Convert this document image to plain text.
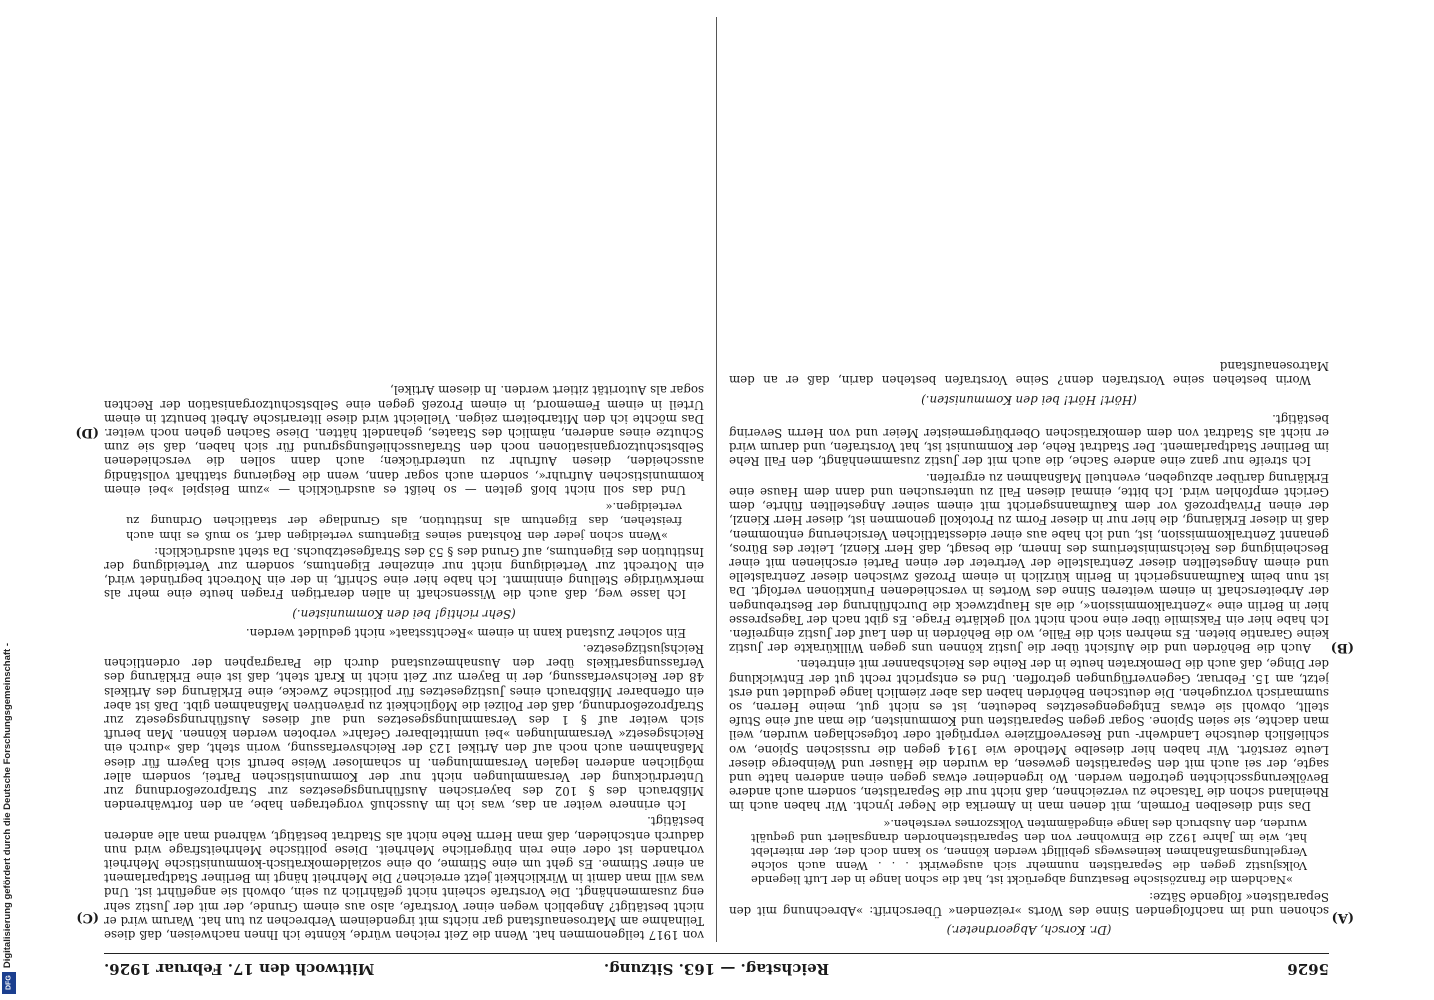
5626
Reichstag. — 163. Sitzung.
Mittwoch den 17. Februar 1926.
(A)
(B)
(C)
(D)

(Dr. Korsch, Abgeordneter.)

schonen und im nachfolgenden Sinne des Worts »reizenden« Überschrift: »Abrechnung mit den Separatisten« folgende Sätze:

»Nachdem die französische Besatzung abgerückt ist, hat die schon lange in der Luft liegende Volksjustiz gegen die Separatisten nunmehr sich ausgewirkt . . . Wenn auch solche Vergeltungsmaßnahmen keineswegs gebilligt werden können, so kann doch der, der miterlebt hat, wie im Jahre 1922 die Einwohner von den Separatistenhorden drangsaliert und gequält wurden, den Ausbruch des lange eingedämmten Volkszornes verstehen.«

Das sind dieselben Formeln, mit denen man in Amerika die Neger lyncht. Wir haben auch im Rheinland schon die Tatsache zu verzeichnen, daß nicht nur die Separatisten, sondern auch andere Bevölkerungsschichten getroffen werden. Wo irgendeiner etwas gegen einen anderen hatte und sagte, der sei auch mit den Separatisten gewesen, da wurden die Häuser und Weinberge dieser Leute zerstört. Wir haben hier dieselbe Methode wie 1914 gegen die russischen Spione, wo schließlich deutsche Landwehr- und Reserveoffiziere verprügelt oder totgeschlagen wurden, weil man dachte, sie seien Spione. Sogar gegen Separatisten und Kommunisten, die man auf eine Stufe stellt, obwohl sie etwas Entgegengesetztes bedeuten, ist es nicht gut, meine Herren, so summarisch vorzugehen. Die deutschen Behörden haben das aber ziemlich lange geduldet und erst jetzt, am 15. Februar, Gegenverfügungen getroffen. Und es entspricht recht gut der Entwicklung der Dinge, daß auch die Demokraten heute in der Reihe des Reichsbanner mit eintreten.

Auch die Behörden und die Aufsicht über die Justiz können uns gegen Willkürakte der Justiz keine Garantie bieten. Es mehren sich die Fälle, wo die Behörden in den Lauf der Justiz eingreifen. Ich habe hier ein Faksimile über eine noch nicht voll geklärte Frage. Es gibt nach der Tagespresse hier in Berlin eine »Zentralkommission«, die als Hauptzweck die Durchführung der Bestrebungen der Arbeiterschaft in einem weiteren Sinne des Wortes in verschiedenen Funktionen verfolgt. Da ist nun beim Kaufmannsgericht in Berlin kürzlich in einem Prozeß zwischen dieser Zentralstelle und einem Angestellten dieser Zentralstelle der Vertreter der einen Partei erschienen mit einer Bescheinigung des Reichsministeriums des Innern, die besagt, daß Herr Kienzl, Leiter des Büros, genannt Zentralkommission, ist, und ich habe aus einer eidesstattlichen Versicherung entnommen, daß in dieser Erklärung, die hier nur in dieser Form zu Protokoll genommen ist, dieser Herr Kienzl, der einen Privatprozeß vor dem Kaufmannsgericht mit einem seiner Angestellten führte, dem Gericht empfohlen wird. Ich bitte, einmal diesen Fall zu untersuchen und dann dem Hause eine Erklärung darüber abzugeben, eventuell Maßnahmen zu ergreifen.

Ich streife nur ganz eine andere Sache, die auch mit der Justiz zusammenhängt, den Fall Rehe im Berliner Stadtparlament. Der Stadtrat Rehe, der Kommunist ist, hat Vorstrafen, und darum wird er nicht als Stadtrat von dem demokratischen Oberbürgermeister Meier und von Herrn Severing bestätigt.

(Hört! Hört! bei den Kommunisten.)

Worin bestehen seine Vorstrafen denn? Seine Vorstrafen bestehen darin, daß er an dem Matrosenaufstand

von 1917 teilgenommen hat. Wenn die Zeit reichen würde, könnte ich Ihnen nachweisen, daß diese Teilnahme am Matrosenaufstand gar nichts mit irgendeinem Verbrechen zu tun hat. Warum wird er nicht bestätigt? Angeblich wegen einer Vorstrafe, also aus einem Grunde, der mit der Justiz sehr eng zusammenhängt. Die Vorstrafe scheint nicht gefährlich zu sein, obwohl sie angeführt ist. Und was will man damit in Wirklichkeit jetzt erreichen? Die Mehrheit hängt im Berliner Stadtparlament an einer Stimme. Es geht um eine Stimme, ob eine sozialdemokratisch-kommunistische Mehrheit vorhanden ist oder eine rein bürgerliche Mehrheit. Diese politische Mehrheitsfrage wird nun dadurch entschieden, daß man Herrn Rehe nicht als Stadtrat bestätigt, während man alle anderen bestätigt.

Ich erinnere weiter an das, was ich im Ausschuß vorgetragen habe, an den fortwährenden Mißbrauch des § 102 des bayerischen Ausführungsgesetzes zur Strafprozeßordnung zur Unterdrückung der Versammlungen nicht nur der Kommunistischen Partei, sondern aller möglichen anderen legalen Versammlungen. In schamloser Weise beruft sich Bayern für diese Maßnahmen auch noch auf den Artikel 123 der Reichsverfassung, worin steht, daß »durch ein Reichsgesetz« Versammlungen »bei unmittelbarer Gefahr« verboten werden können. Man beruft sich weiter auf § 1 des Versammlungsgesetzes und auf dieses Ausführungsgesetz zur Strafprozeßordnung, daß der Polizei die Möglichkeit zu präventiven Maßnahmen gibt. Daß ist aber ein offenbarer Mißbrauch eines Justizgesetzes für politische Zwecke, eine Erklärung des Artikels 48 der Reichsverfassung, der in Bayern zur Zeit nicht in Kraft steht, daß ist eine Erklärung des Verfassungsartikels über den Ausnahmezustand durch die Paragraphen der ordentlichen Reichsjustizgesetze.

Ein solcher Zustand kann in einem »Rechtsstaat« nicht geduldet werden.

(Sehr richtig! bei den Kommunisten.)

Ich lasse weg, daß auch die Wissenschaft in allen derartigen Fragen heute eine mehr als merkwürdige Stellung einnimmt. Ich habe hier eine Schrift, in der ein Notrecht begründet wird, ein Notrecht zur Verteidigung nicht nur einzelner Eigentums, sondern zur Verteidigung der Institution des Eigentums, auf Grund des § 53 des Strafgesetzbuchs. Da steht ausdrücklich:

»Wenn schon jeder den Rohstand seines Eigentums verteidigen darf, so muß es ihm auch freistehen, das Eigentum als Institution, als Grundlage der staatlichen Ordnung zu verteidigen.«

Und das soll nicht bloß gelten — so heißt es ausdrücklich — »zum Beispiel »bei einem kommunistischen Aufruhr«, sondern auch sogar dann, wenn die Regierung statthaft vollständig ausscheiden, diesen Aufruhr zu unterdrücken; auch dann sollen die verschiedenen Selbstschutzorganisationen noch den Strafausschließungsgrund für sich haben, daß sie zum Schutze eines anderen, nämlich des Staates, gehandelt hätten. Diese Sachen gehen noch weiter. Das möchte ich den Mitarbeitern zeigen. Vielleicht wird diese literarische Arbeit benutzt in einem Urteil in einem Fememord, in einem Prozeß gegen eine Selbstschutzorganisation der Rechten sogar als Autorität zitiert werden. In diesem Artikel,

Digitalisierung gefördert durch die Deutsche Forschungsgemeinschaft -
DFG
